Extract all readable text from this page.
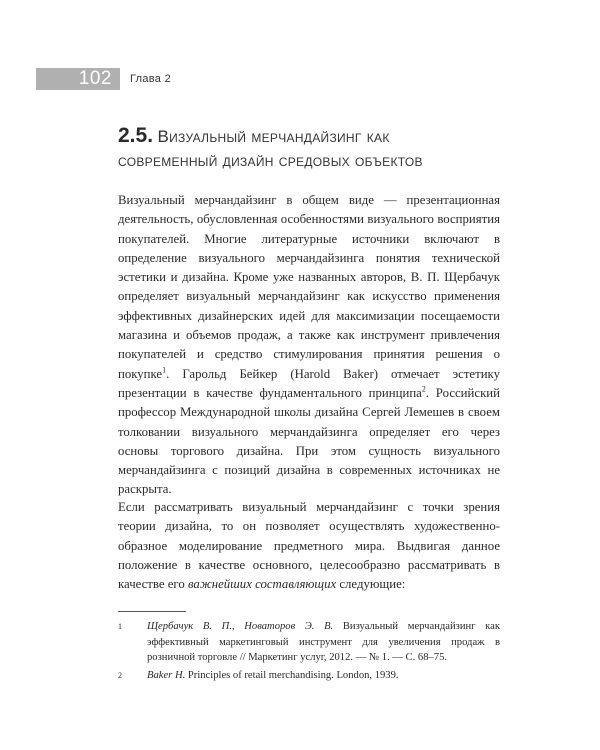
102 Глава 2
2.5. Визуальный мерчандайзинг как
современный дизайн средовых объектов

Визуальный мерчандайзинг в общем виде — презентационная деятельность, обусловленная особенностями визуального восприятия покупателей. Многие литературные источники включают в определение визуального мерчандайзинга понятия технической эстетики и дизайна. Кроме уже названных авторов, В. П. Щербачук определяет визуальный мерчандайзинг как искусство применения эффективных дизайнерских идей для максимизации посещаемости магазина и объемов продаж, а также как инструмент привлечения покупателей и средство стимулирования принятия решения о покупке$^1$. Гарольд Бейкер (Harold Baker) отмечает эстетику презентации в качестве фундаментального принципа$^2$. Российский профессор Международной школы дизайна Сергей Лемешев в своем толковании визуального мерчандайзинга определяет его через основы торгового дизайна. При этом сущность визуального мерчандайзинга с позиций дизайна в современных источниках не раскрыта.

Если рассматривать визуальный мерчандайзинг с точки зрения теории дизайна, то он позволяет осуществлять художественно-образное моделирование предметного мира. Выдвигая данное положение в качестве основного, целесообразно рассматривать в качестве его важнейших составляющих следующие:

1	Щербачук В. П., Новаторов Э. В. Визуальный мерчандайзинг как эффективный маркетинговый инструмент для увеличения продаж в розничной торговле // Маркетинг услуг, 2012. — № 1. — С. 68–75.
2	Baker H. Principles of retail merchandising. London, 1939.
